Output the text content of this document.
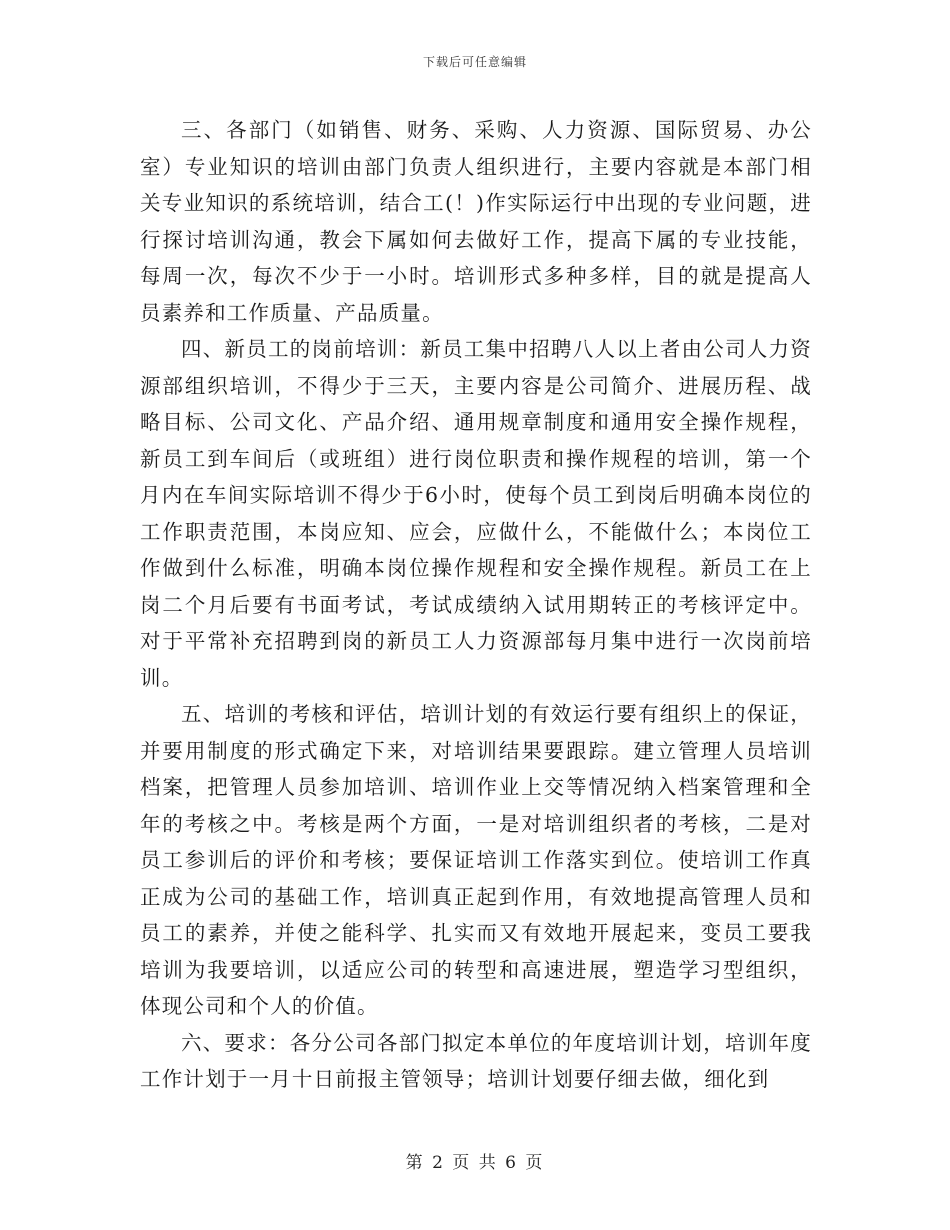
下载后可任意编辑

三、各部门（如销售、财务、采购、人力资源、国际贸易、办公室）专业知识的培训由部门负责人组织进行，主要内容就是本部门相关专业知识的系统培训，结合工(！)作实际运行中出现的专业问题，进行探讨培训沟通，教会下属如何去做好工作，提高下属的专业技能，每周一次，每次不少于一小时。培训形式多种多样，目的就是提高人员素养和工作质量、产品质量。

四、新员工的岗前培训：新员工集中招聘八人以上者由公司人力资源部组织培训，不得少于三天，主要内容是公司简介、进展历程、战略目标、公司文化、产品介绍、通用规章制度和通用安全操作规程，新员工到车间后（或班组）进行岗位职责和操作规程的培训，第一个月内在车间实际培训不得少于6小时，使每个员工到岗后明确本岗位的工作职责范围，本岗应知、应会，应做什么，不能做什么；本岗位工作做到什么标准，明确本岗位操作规程和安全操作规程。新员工在上岗二个月后要有书面考试，考试成绩纳入试用期转正的考核评定中。对于平常补充招聘到岗的新员工人力资源部每月集中进行一次岗前培训。

五、培训的考核和评估，培训计划的有效运行要有组织上的保证，并要用制度的形式确定下来，对培训结果要跟踪。建立管理人员培训档案，把管理人员参加培训、培训作业上交等情况纳入档案管理和全年的考核之中。考核是两个方面，一是对培训组织者的考核，二是对员工参训后的评价和考核；要保证培训工作落实到位。使培训工作真正成为公司的基础工作，培训真正起到作用，有效地提高管理人员和员工的素养，并使之能科学、扎实而又有效地开展起来，变员工要我培训为我要培训，以适应公司的转型和高速进展，塑造学习型组织，体现公司和个人的价值。

六、要求：各分公司各部门拟定本单位的年度培训计划，培训年度工作计划于一月十日前报主管领导；培训计划要仔细去做，细化到

第 2 页 共 6 页
